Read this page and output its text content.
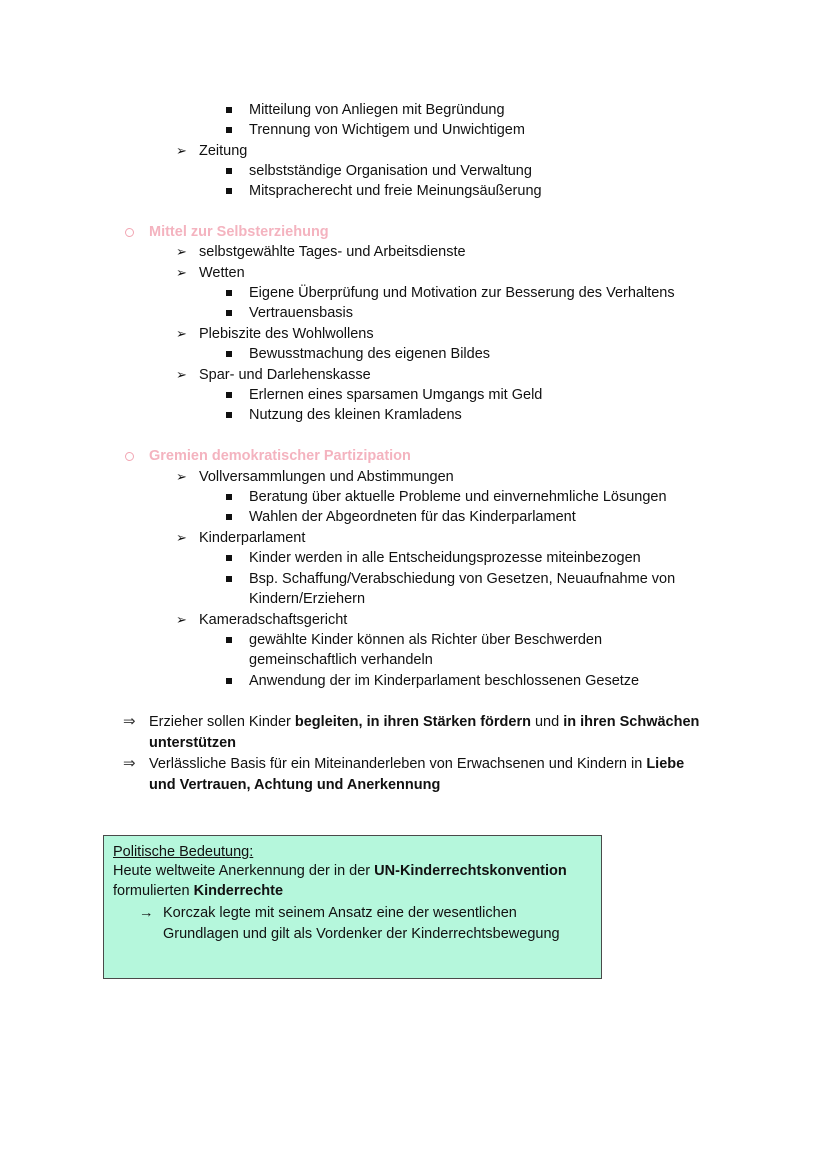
Mitteilung von Anliegen mit Begründung
Trennung von Wichtigem und Unwichtigem
➢ Zeitung
selbstständige Organisation und Verwaltung
Mitspracherecht und freie Meinungsäußerung
Mittel zur Selbsterziehung
➢ selbstgewählte Tages- und Arbeitsdienste
➢ Wetten
Eigene Überprüfung und Motivation zur Besserung des Verhaltens
Vertrauensbasis
➢ Plebiszite des Wohlwollens
Bewusstmachung des eigenen Bildes
➢ Spar- und Darlehenskasse
Erlernen eines sparsamen Umgangs mit Geld
Nutzung des kleinen Kramladens
Gremien demokratischer Partizipation
➢ Vollversammlungen und Abstimmungen
Beratung über aktuelle Probleme und einvernehmliche Lösungen
Wahlen der Abgeordneten für das Kinderparlament
➢ Kinderparlament
Kinder werden in alle Entscheidungsprozesse miteinbezogen
Bsp. Schaffung/Verabschiedung von Gesetzen, Neuaufnahme von
Kindern/Erziehern
➢ Kameradschaftsgericht
gewählte Kinder können als Richter über Beschwerden
gemeinschaftlich verhandeln
Anwendung der im Kinderparlament beschlossenen Gesetze
⇒ Erzieher sollen Kinder begleiten, in ihren Stärken fördern und in ihren Schwächen
unterstützen
⇒ Verlässliche Basis für ein Miteinanderleben von Erwachsenen und Kindern in Liebe
und Vertrauen, Achtung und Anerkennung
Politische Bedeutung:
Heute weltweite Anerkennung der in der UN-Kinderrechtskonvention
formulierten Kinderrechte
→ Korczak legte mit seinem Ansatz eine der wesentlichen
Grundlagen und gilt als Vordenker der Kinderrechtsbewegung
